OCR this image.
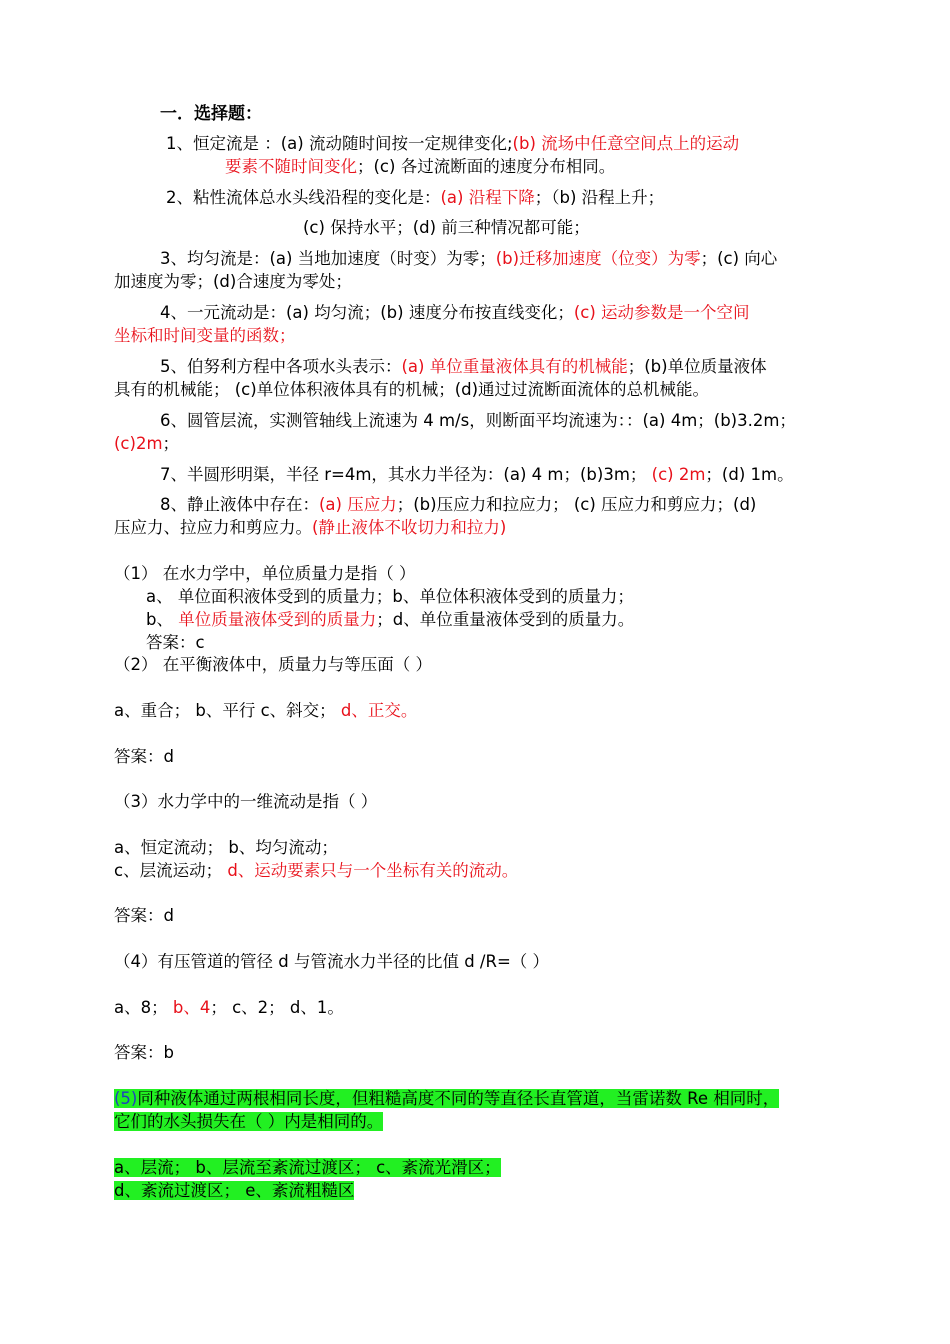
一．选择题：
1、恒定流是 ：(a) 流动随时间按一定规律变化;(b) 流场中任意空间点上的运动
要素不随时间变化；(c) 各过流断面的速度分布相同。
2、粘性流体总水头线沿程的变化是：(a) 沿程下降；（b) 沿程上升；
(c) 保持水平；(d) 前三种情况都可能；
3、均匀流是：(a) 当地加速度（时变）为零；(b)迁移加速度（位变）为零；(c) 向心
加速度为零；(d)合速度为零处；
4、一元流动是：(a) 均匀流；(b) 速度分布按直线变化；(c) 运动参数是一个空间
坐标和时间变量的函数；
5、伯努利方程中各项水头表示：(a) 单位重量液体具有的机械能；(b)单位质量液体
具有的机械能； (c)单位体积液体具有的机械；(d)通过过流断面流体的总机械能。
6、圆管层流，实测管轴线上流速为 4 m/s，则断面平均流速为：：(a) 4m；(b)3.2m；
(c)2m；
7、半圆形明渠，半径 r=4m，其水力半径为：(a) 4 m；(b)3m； (c) 2m；(d) 1m。
8、静止液体中存在：(a) 压应力；(b)压应力和拉应力； (c) 压应力和剪应力；(d)
压应力、拉应力和剪应力。(静止液体不收切力和拉力)
（1） 在水力学中，单位质量力是指（ ）
a、 单位面积液体受到的质量力；b、单位体积液体受到的质量力；
b、 单位质量液体受到的质量力；d、单位重量液体受到的质量力。
答案：c
（2） 在平衡液体中，质量力与等压面（ ）
a、重合； b、平行 c、斜交； d、正交。
答案：d
（3）水力学中的一维流动是指（ ）
a、恒定流动； b、均匀流动；
c、层流运动； d、运动要素只与一个坐标有关的流动。
答案：d
（4）有压管道的管径 d 与管流水力半径的比值 d /R=（ ）
a、8； b、4； c、2； d、1。
答案：b
(5)同种液体通过两根相同长度，但粗糙高度不同的等直径长直管道，当雷诺数 Re 相同时，
它们的水头损失在（ ）内是相同的。
a、层流； b、层流至紊流过渡区； c、紊流光滑区；
d、紊流过渡区； e、紊流粗糙区
